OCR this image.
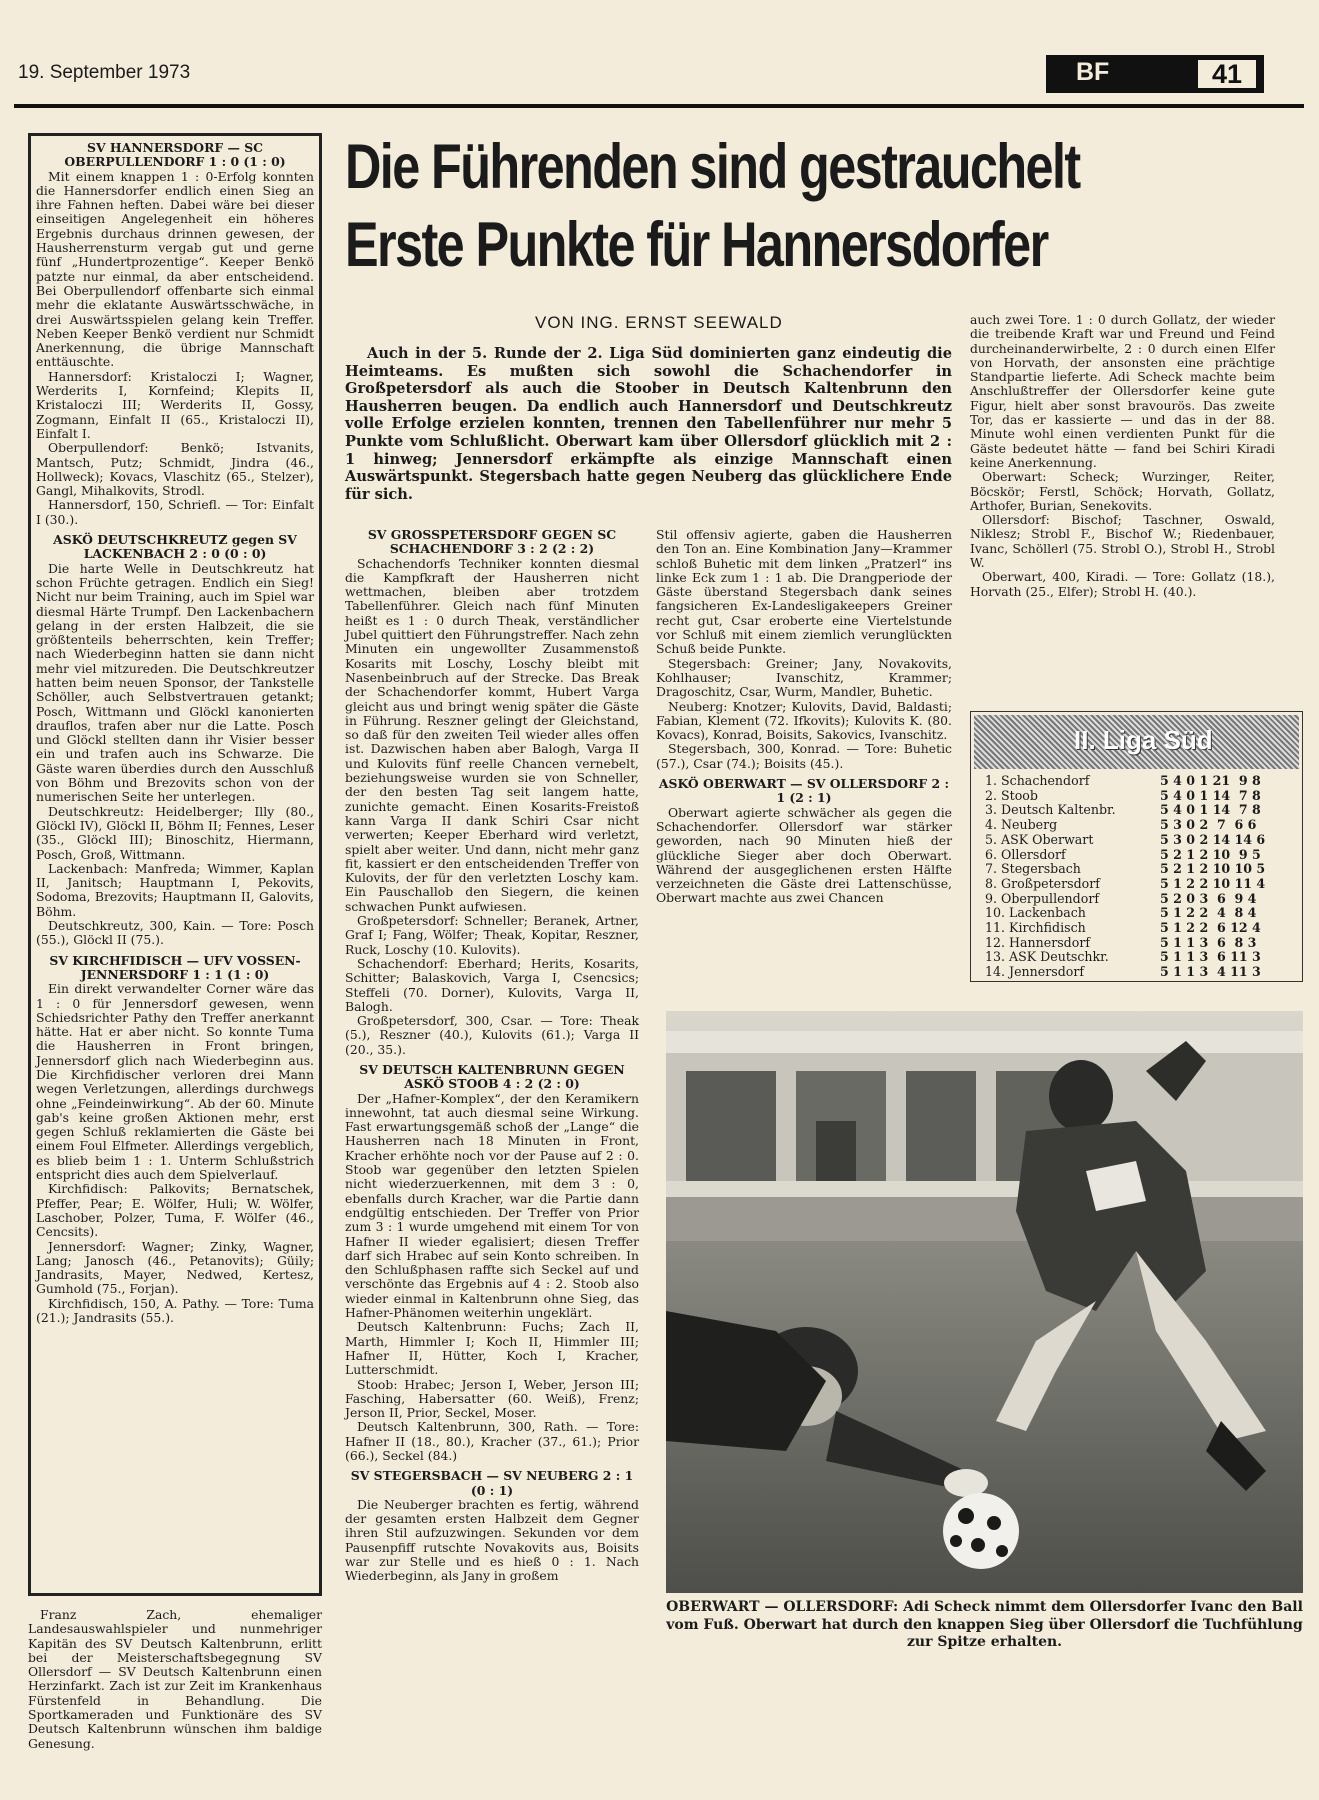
19. September 1973	BF	41
SV HANNERSDORF — SC OBERPULLENDORF 1 : 0 (1 : 0)

Mit einem knappen 1 : 0-Erfolg konnten die Hannersdorfer endlich einen Sieg an ihre Fahnen heften. Dabei wäre bei dieser einseitigen Angelegenheit ein höheres Ergebnis durchaus drinnen gewesen, der Hausherrensturm vergab gut und gerne fünf „Hundertprozentige“. Keeper Benkö patzte nur einmal, da aber entscheidend. Bei Oberpullendorf offenbarte sich einmal mehr die eklatante Auswärtsschwäche, in drei Auswärtsspielen gelang kein Treffer. Neben Keeper Benkö verdient nur Schmidt Anerkennung, die übrige Mannschaft enttäuschte.

Hannersdorf: Kristaloczi I; Wagner, Werderits I, Kornfeind; Klepits II, Kristaloczi III; Werderits II, Gossy, Zogmann, Einfalt II (65., Kristaloczi II), Einfalt I.

Oberpullendorf: Benkö; Istvanits, Mantsch, Putz; Schmidt, Jindra (46., Hollweck); Kovacs, Vlaschitz (65., Stelzer), Gangl, Mihalkovits, Strodl.

Hannersdorf, 150, Schriefl. — Tor: Einfalt I (30.).

ASKÖ DEUTSCHKREUTZ gegen SV LACKENBACH 2 : 0 (0 : 0)

Die harte Welle in Deutschkreutz hat schon Früchte getragen. Endlich ein Sieg! Nicht nur beim Training, auch im Spiel war diesmal Härte Trumpf. Den Lackenbachern gelang in der ersten Halbzeit, die sie größtenteils beherrschten, kein Treffer; nach Wiederbeginn hatten sie dann nicht mehr viel mitzureden. Die Deutschkreutzer hatten beim neuen Sponsor, der Tankstelle Schöller, auch Selbstvertrauen getankt; Posch, Wittmann und Glöckl kanonierten drauflos, trafen aber nur die Latte. Posch und Glöckl stellten dann ihr Visier besser ein und trafen auch ins Schwarze. Die Gäste waren überdies durch den Ausschluß von Böhm und Brezovits schon von der numerischen Seite her unterlegen.

Deutschkreutz: Heidelberger; Illy (80., Glöckl IV), Glöckl II, Böhm II; Fennes, Leser (35., Glöckl III); Binoschitz, Hiermann, Posch, Groß, Wittmann.

Lackenbach: Manfreda; Wimmer, Kaplan II, Janitsch; Hauptmann I, Pekovits, Sodoma, Brezovits; Hauptmann II, Galovits, Böhm.

Deutschkreutz, 300, Kain. — Tore: Posch (55.), Glöckl II (75.).

SV KIRCHFIDISCH — UFV VOSSEN-JENNERSDORF 1 : 1 (1 : 0)

Ein direkt verwandelter Corner wäre das 1 : 0 für Jennersdorf gewesen, wenn Schiedsrichter Pathy den Treffer anerkannt hätte. Hat er aber nicht. So konnte Tuma die Hausherren in Front bringen, Jennersdorf glich nach Wiederbeginn aus. Die Kirchfidischer verloren drei Mann wegen Verletzungen, allerdings durchwegs ohne „Feindeinwirkung“. Ab der 60. Minute gab's keine großen Aktionen mehr, erst gegen Schluß reklamierten die Gäste bei einem Foul Elfmeter. Allerdings vergeblich, es blieb beim 1 : 1. Unterm Schlußstrich entspricht dies auch dem Spielverlauf.

Kirchfidisch: Palkovits; Bernatschek, Pfeffer, Pear; E. Wölfer, Huli; W. Wölfer, Laschober, Polzer, Tuma, F. Wölfer (46., Cencsits).

Jennersdorf: Wagner; Zinky, Wagner, Lang; Janosch (46., Petanovits); Güily; Jandrasits, Mayer, Nedwed, Kertesz, Gumhold (75., Forjan).

Kirchfidisch, 150, A. Pathy. — Tore: Tuma (21.); Jandrasits (55.).

Franz Zach, ehemaliger Landesauswahlspieler und nunmehriger Kapitän des SV Deutsch Kaltenbrunn, erlitt bei der Meisterschaftsbegegnung SV Ollersdorf — SV Deutsch Kaltenbrunn einen Herzinfarkt. Zach ist zur Zeit im Krankenhaus Fürstenfeld in Behandlung. Die Sportkameraden und Funktionäre des SV Deutsch Kaltenbrunn wünschen ihm baldige Genesung.

Die Führenden sind gestrauchelt
Erste Punkte für Hannersdorfer
VON ING. ERNST SEEWALD

Auch in der 5. Runde der 2. Liga Süd dominierten ganz eindeutig die Heimteams. Es mußten sich sowohl die Schachendorfer in Großpetersdorf als auch die Stoober in Deutsch Kaltenbrunn den Hausherren beugen. Da endlich auch Hannersdorf und Deutschkreutz volle Erfolge erzielen konnten, trennen den Tabellenführer nur mehr 5 Punkte vom Schlußlicht. Oberwart kam über Ollersdorf glücklich mit 2 : 1 hinweg; Jennersdorf erkämpfte als einzige Mannschaft einen Auswärtspunkt. Stegersbach hatte gegen Neuberg das glücklichere Ende für sich.

SV GROSSPETERSDORF GEGEN SC SCHACHENDORF 3 : 2 (2 : 2)

Schachendorfs Techniker konnten diesmal die Kampfkraft der Hausherren nicht wettmachen, bleiben aber trotzdem Tabellenführer. Gleich nach fünf Minuten heißt es 1 : 0 durch Theak, verständlicher Jubel quittiert den Führungstreffer. Nach zehn Minuten ein ungewollter Zusammenstoß Kosarits mit Loschy, Loschy bleibt mit Nasenbeinbruch auf der Strecke. Das Break der Schachendorfer kommt, Hubert Varga gleicht aus und bringt wenig später die Gäste in Führung. Reszner gelingt der Gleichstand, so daß für den zweiten Teil wieder alles offen ist. Dazwischen haben aber Balogh, Varga II und Kulovits fünf reelle Chancen vernebelt, beziehungsweise wurden sie von Schneller, der den besten Tag seit langem hatte, zunichte gemacht. Einen Kosarits-Freistoß kann Varga II dank Schiri Csar nicht verwerten; Keeper Eberhard wird verletzt, spielt aber weiter. Und dann, nicht mehr ganz fit, kassiert er den entscheidenden Treffer von Kulovits, der für den verletzten Loschy kam. Ein Pauschallob den Siegern, die keinen schwachen Punkt aufwiesen.

Großpetersdorf: Schneller; Beranek, Artner, Graf I; Fang, Wölfer; Theak, Kopitar, Reszner, Ruck, Loschy (10. Kulovits).

Schachendorf: Eberhard; Herits, Kosarits, Schitter; Balaskovich, Varga I, Csencsics; Steffeli (70. Dorner), Kulovits, Varga II, Balogh.

Großpetersdorf, 300, Csar. — Tore: Theak (5.), Reszner (40.), Kulovits (61.); Varga II (20., 35.).

SV DEUTSCH KALTENBRUNN GEGEN ASKÖ STOOB 4 : 2 (2 : 0)

Der „Hafner-Komplex“, der den Keramikern innewohnt, tat auch diesmal seine Wirkung. Fast erwartungsgemäß schoß der „Lange“ die Hausherren nach 18 Minuten in Front, Kracher erhöhte noch vor der Pause auf 2 : 0. Stoob war gegenüber den letzten Spielen nicht wiederzuerkennen, mit dem 3 : 0, ebenfalls durch Kracher, war die Partie dann endgültig entschieden. Der Treffer von Prior zum 3 : 1 wurde umgehend mit einem Tor von Hafner II wieder egalisiert; diesen Treffer darf sich Hrabec auf sein Konto schreiben. In den Schlußphasen raffte sich Seckel auf und verschönte das Ergebnis auf 4 : 2. Stoob also wieder einmal in Kaltenbrunn ohne Sieg, das Hafner-Phänomen weiterhin ungeklärt.

Deutsch Kaltenbrunn: Fuchs; Zach II, Marth, Himmler I; Koch II, Himmler III; Hafner II, Hütter, Koch I, Kracher, Lutterschmidt.

Stoob: Hrabec; Jerson I, Weber, Jerson III; Fasching, Habersatter (60. Weiß), Frenz; Jerson II, Prior, Seckel, Moser.

Deutsch Kaltenbrunn, 300, Rath. — Tore: Hafner II (18., 80.), Kracher (37., 61.); Prior (66.), Seckel (84.)

SV STEGERSBACH — SV NEUBERG 2 : 1 (0 : 1)

Die Neuberger brachten es fertig, während der gesamten ersten Halbzeit dem Gegner ihren Stil aufzuzwingen. Sekunden vor dem Pausenpfiff rutschte Novakovits aus, Boisits war zur Stelle und es hieß 0 : 1. Nach Wiederbeginn, als Jany in großem

Stil offensiv agierte, gaben die Hausherren den Ton an. Eine Kombination Jany—Krammer schloß Buhetic mit dem linken „Pratzerl“ ins linke Eck zum 1 : 1 ab. Die Drangperiode der Gäste überstand Stegersbach dank seines fangsicheren Ex-Landesligakeepers Greiner recht gut, Csar eroberte eine Viertelstunde vor Schluß mit einem ziemlich verunglückten Schuß beide Punkte.

Stegersbach: Greiner; Jany, Novakovits, Kohlhauser; Ivanschitz, Krammer; Dragoschitz, Csar, Wurm, Mandler, Buhetic.

Neuberg: Knotzer; Kulovits, David, Baldasti; Fabian, Klement (72. Ifkovits); Kulovits K. (80. Kovacs), Konrad, Boisits, Sakovics, Ivanschitz.

Stegersbach, 300, Konrad. — Tore: Buhetic (57.), Csar (74.); Boisits (45.).

ASKÖ OBERWART — SV OLLERSDORF 2 : 1 (2 : 1)

Oberwart agierte schwächer als gegen die Schachendorfer. Ollersdorf war stärker geworden, nach 90 Minuten hieß der glückliche Sieger aber doch Oberwart. Während der ausgeglichenen ersten Hälfte verzeichneten die Gäste drei Lattenschüsse, Oberwart machte aus zwei Chancen

auch zwei Tore. 1 : 0 durch Gollatz, der wieder die treibende Kraft war und Freund und Feind durcheinanderwirbelte, 2 : 0 durch einen Elfer von Horvath, der ansonsten eine prächtige Standpartie lieferte. Adi Scheck machte beim Anschlußtreffer der Ollersdorfer keine gute Figur, hielt aber sonst bravourös. Das zweite Tor, das er kassierte — und das in der 88. Minute wohl einen verdienten Punkt für die Gäste bedeutet hätte — fand bei Schiri Kiradi keine Anerkennung.

Oberwart: Scheck; Wurzinger, Reiter, Böcskör; Ferstl, Schöck; Horvath, Gollatz, Arthofer, Burian, Senekovits.

Ollersdorf: Bischof; Taschner, Oswald, Niklesz; Strobl F., Bischof W.; Riedenbauer, Ivanc, Schöllerl (75. Strobl O.), Strobl H., Strobl W.

Oberwart, 400, Kiradi. — Tore: Gollatz (18.), Horvath (25., Elfer); Strobl H. (40.).

II. Liga Süd
1. Schachendorf	5 4 0 1 21  9 8
2. Stoob	5 4 0 1 14  7 8
3. Deutsch Kaltenbr.	5 4 0 1 14  7 8
4. Neuberg	5 3 0 2  7  6 6
5. ASK Oberwart	5 3 0 2 14 14 6
6. Ollersdorf	5 2 1 2 10  9 5
7. Stegersbach	5 2 1 2 10 10 5
8. Großpetersdorf	5 1 2 2 10 11 4
9. Oberpullendorf	5 2 0 3  6  9 4
10. Lackenbach	5 1 2 2  4  8 4
11. Kirchfidisch	5 1 2 2  6 12 4
12. Hannersdorf	5 1 1 3  6  8 3
13. ASK Deutschkr.	5 1 1 3  6 11 3
14. Jennersdorf	5 1 1 3  4 11 3
OBERWART — OLLERSDORF: Adi Scheck nimmt dem Ollersdorfer Ivanc den Ball vom Fuß. Oberwart hat durch den knappen Sieg über Ollersdorf die Tuchfühlung zur Spitze erhalten.
